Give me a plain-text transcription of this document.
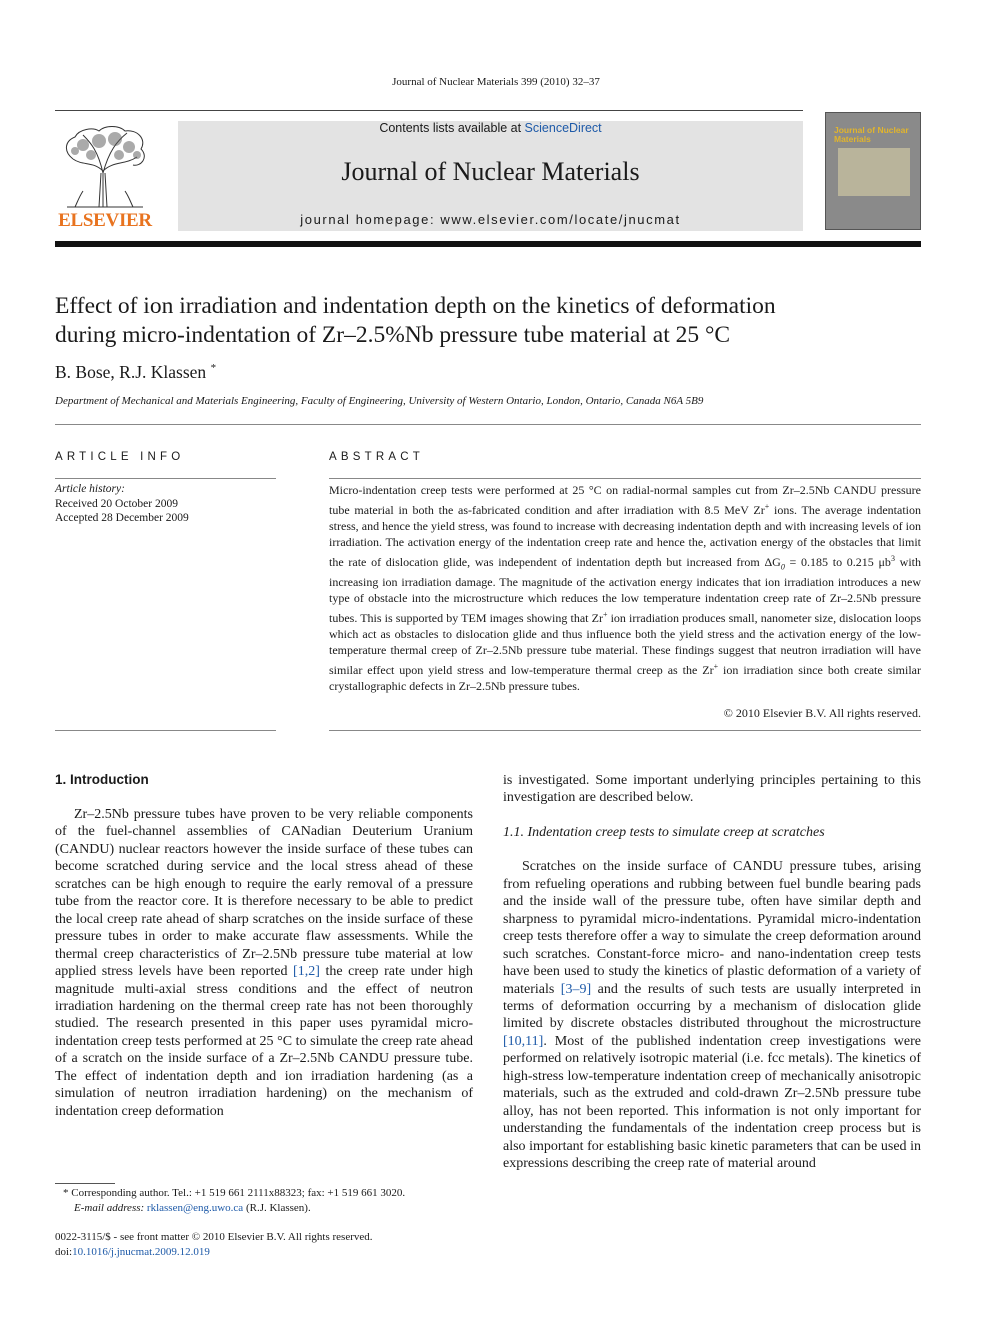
Journal of Nuclear Materials 399 (2010) 32–37
ELSEVIER
Contents lists available at ScienceDirect
Journal of Nuclear Materials
journal homepage: www.elsevier.com/locate/jnucmat
Journal of Nuclear Materials
Effect of ion irradiation and indentation depth on the kinetics of deformation
during micro-indentation of Zr–2.5%Nb pressure tube material at 25 °C
B. Bose, R.J. Klassen *
Department of Mechanical and Materials Engineering, Faculty of Engineering, University of Western Ontario, London, Ontario, Canada N6A 5B9
ARTICLE INFO
Article history:
Received 20 October 2009
Accepted 28 December 2009
ABSTRACT
Micro-indentation creep tests were performed at 25 °C on radial-normal samples cut from Zr–2.5Nb CANDU pressure tube material in both the as-fabricated condition and after irradiation with 8.5 MeV Zr+ ions. The average indentation stress, and hence the yield stress, was found to increase with decreasing indentation depth and with increasing levels of ion irradiation. The activation energy of the indentation creep rate and hence the, activation energy of the obstacles that limit the rate of dislocation glide, was independent of indentation depth but increased from $\Delta G_0 = 0.185$ to 0.215 $\mu b^3$ with increasing ion irradiation damage. The magnitude of the activation energy indicates that ion irradiation introduces a new type of obstacle into the microstructure which reduces the low temperature indentation creep rate of Zr–2.5Nb pressure tubes. This is supported by TEM images showing that Zr+ ion irradiation produces small, nanometer size, dislocation loops which act as obstacles to dislocation glide and thus influence both the yield stress and the activation energy of the low-temperature thermal creep of Zr–2.5Nb pressure tube material. These findings suggest that neutron irradiation will have similar effect upon yield stress and low-temperature thermal creep as the Zr+ ion irradiation since both create similar crystallographic defects in Zr–2.5Nb pressure tubes.
© 2010 Elsevier B.V. All rights reserved.
1. Introduction

Zr–2.5Nb pressure tubes have proven to be very reliable components of the fuel-channel assemblies of CANadian Deuterium Uranium (CANDU) nuclear reactors however the inside surface of these tubes can become scratched during service and the local stress ahead of these scratches can be high enough to require the early removal of a pressure tube from the reactor core. It is therefore necessary to be able to predict the local creep rate ahead of sharp scratches on the inside surface of these pressure tubes in order to make accurate flaw assessments. While the thermal creep characteristics of Zr–2.5Nb pressure tube material at low applied stress levels have been reported [1,2] the creep rate under high magnitude multi-axial stress conditions and the effect of neutron irradiation hardening on the thermal creep rate has not been thoroughly studied. The research presented in this paper uses pyramidal micro-indentation creep tests performed at 25 °C to simulate the creep rate ahead of a scratch on the inside surface of a Zr–2.5Nb CANDU pressure tube. The effect of indentation depth and ion irradiation hardening (as a simulation of neutron irradiation hardening) on the mechanism of indentation creep deformation

* Corresponding author. Tel.: +1 519 661 2111x88323; fax: +1 519 661 3020.
E-mail address: rklassen@eng.uwo.ca (R.J. Klassen).
0022-3115/$ - see front matter © 2010 Elsevier B.V. All rights reserved.
doi:10.1016/j.jnucmat.2009.12.019

is investigated. Some important underlying principles pertaining to this investigation are described below.

1.1. Indentation creep tests to simulate creep at scratches

Scratches on the inside surface of CANDU pressure tubes, arising from refueling operations and rubbing between fuel bundle bearing pads and the inside wall of the pressure tube, often have similar depth and sharpness to pyramidal micro-indentations. Pyramidal micro-indentation creep tests therefore offer a way to simulate the creep deformation around such scratches. Constant-force micro- and nano-indentation creep tests have been used to study the kinetics of plastic deformation of a variety of materials [3–9] and the results of such tests are usually interpreted in terms of deformation occurring by a mechanism of dislocation glide limited by discrete obstacles distributed throughout the microstructure [10,11]. Most of the published indentation creep investigations were performed on relatively isotropic material (i.e. fcc metals). The kinetics of high-stress low-temperature indentation creep of mechanically anisotropic materials, such as the extruded and cold-drawn Zr–2.5Nb pressure tube alloy, has not been reported. This information is not only important for understanding the fundamentals of the indentation creep process but is also important for establishing basic kinetic parameters that can be used in expressions describing the creep rate of material around
